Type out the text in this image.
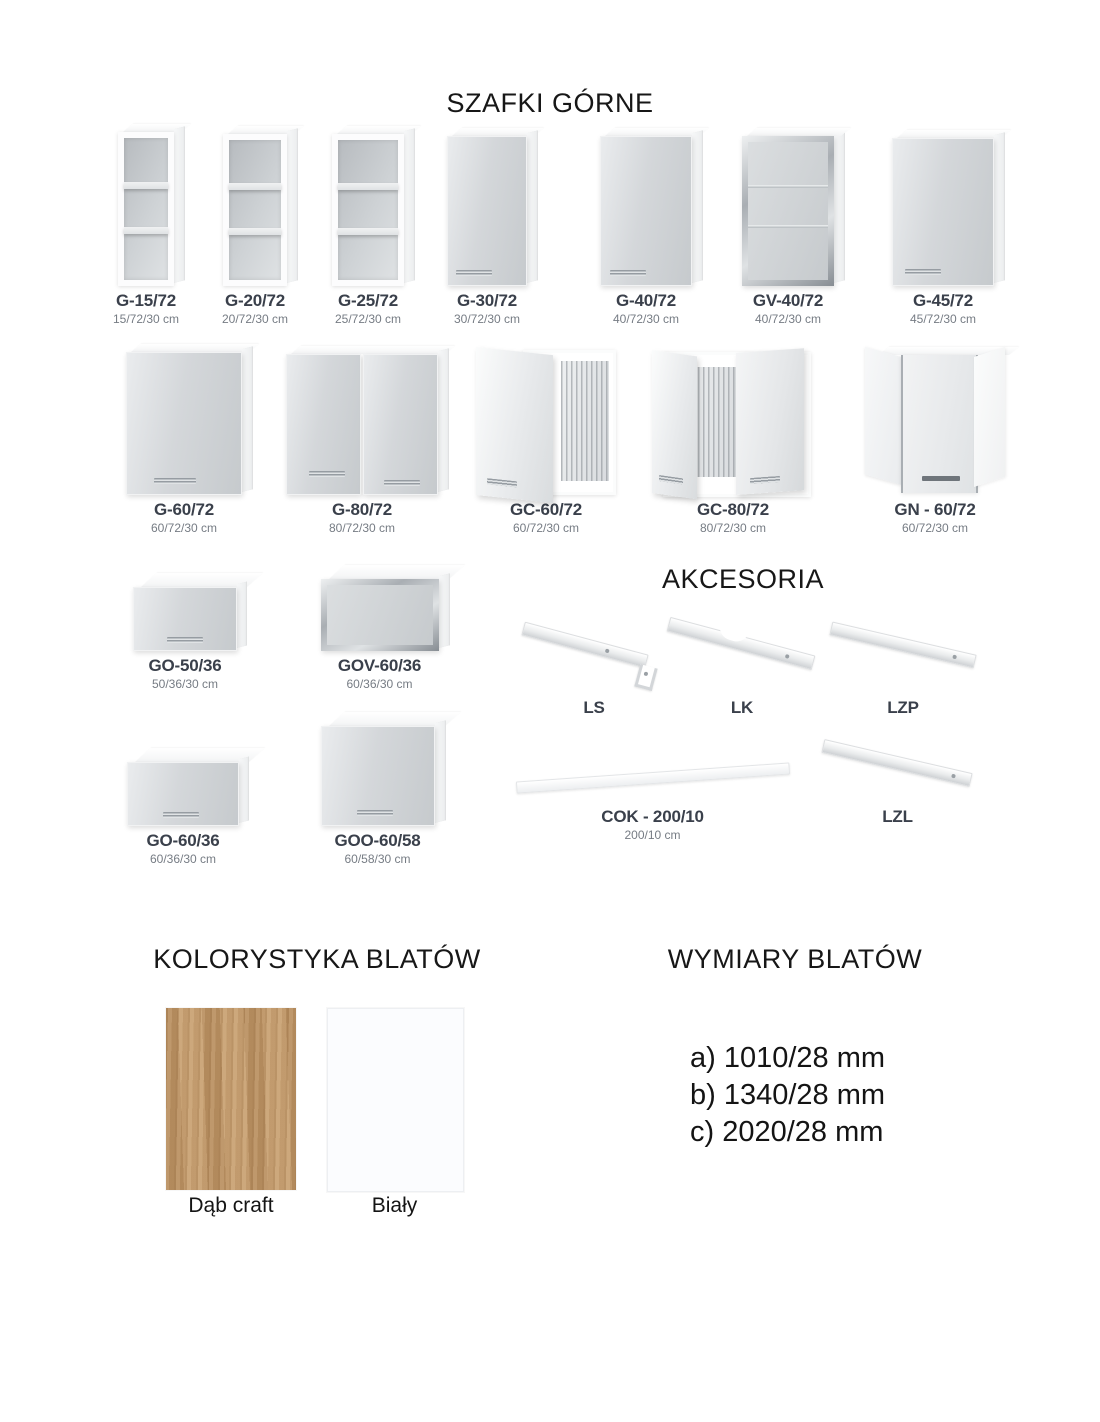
SZAFKI GÓRNE
AKCESORIA
KOLORYSTYKA BLATÓW	WYMIARY BLATÓW
G-15/72
15/72/30 cm
G-20/72
20/72/30 cm
G-25/72
25/72/30 cm
G-30/72
30/72/30 cm
G-40/72
40/72/30 cm
GV-40/72
40/72/30 cm
G-45/72
45/72/30 cm
G-60/72
60/72/30 cm
G-80/72
80/72/30 cm
GC-60/72
60/72/30 cm
GC-80/72
80/72/30 cm
GN - 60/72
60/72/30 cm
GO-50/36
50/36/30 cm
GOV-60/36
60/36/30 cm
LS	LK	LZP
GO-60/36
60/36/30 cm
GOO-60/58
60/58/30 cm
COK - 200/10
200/10 cm
LZL
Dąb craft	Biały
a) 1010/28 mm
b) 1340/28 mm
c) 2020/28 mm
